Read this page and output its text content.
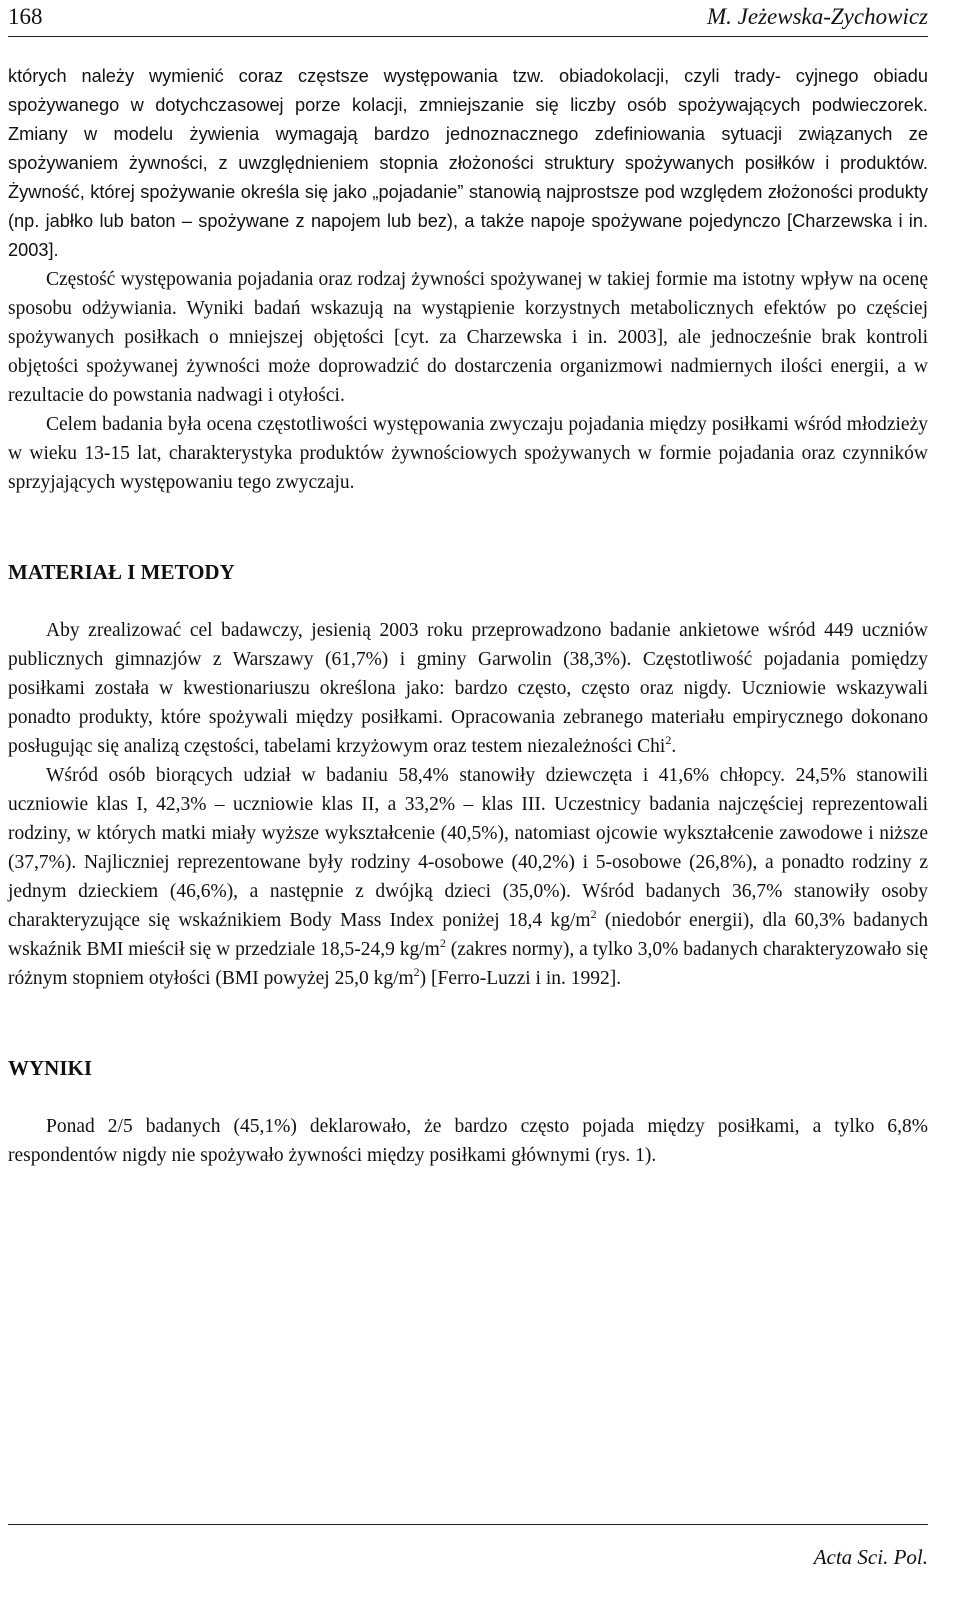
168	M. Jeżewska-Zychowicz

których należy wymienić coraz częstsze występowania tzw. obiadokolacji, czyli trady- cyjnego obiadu spożywanego w dotychczasowej porze kolacji, zmniejszanie się liczby osób spożywających podwieczorek. Zmiany w modelu żywienia wymagają bardzo jednoznacznego zdefiniowania sytuacji związanych ze spożywaniem żywności, z uwzględnieniem stopnia złożoności struktury spożywanych posiłków i produktów. Żywność, której spożywanie określa się jako „pojadanie” stanowią najprostsze pod względem złożoności produkty (np. jabłko lub baton – spożywane z napojem lub bez), a także napoje spożywane pojedynczo [Charzewska i in. 2003].

Częstość występowania pojadania oraz rodzaj żywności spożywanej w takiej formie ma istotny wpływ na ocenę sposobu odżywiania. Wyniki badań wskazują na wystąpienie korzystnych metabolicznych efektów po częściej spożywanych posiłkach o mniejszej objętości [cyt. za Charzewska i in. 2003], ale jednocześnie brak kontroli objętości spożywanej żywności może doprowadzić do dostarczenia organizmowi nadmiernych ilości energii, a w rezultacie do powstania nadwagi i otyłości.

Celem badania była ocena częstotliwości występowania zwyczaju pojadania między posiłkami wśród młodzieży w wieku 13-15 lat, charakterystyka produktów żywnościowych spożywanych w formie pojadania oraz czynników sprzyjających występowaniu tego zwyczaju.

MATERIAŁ I METODY

Aby zrealizować cel badawczy, jesienią 2003 roku przeprowadzono badanie ankietowe wśród 449 uczniów publicznych gimnazjów z Warszawy (61,7%) i gminy Garwolin (38,3%). Częstotliwość pojadania pomiędzy posiłkami została w kwestionariuszu określona jako: bardzo często, często oraz nigdy. Uczniowie wskazywali ponadto produkty, które spożywali między posiłkami. Opracowania zebranego materiału empirycznego dokonano posługując się analizą częstości, tabelami krzyżowym oraz testem niezależności Chi$^2$.

Wśród osób biorących udział w badaniu 58,4% stanowiły dziewczęta i 41,6% chłopcy. 24,5% stanowili uczniowie klas I, 42,3% – uczniowie klas II, a 33,2% – klas III. Uczestnicy badania najczęściej reprezentowali rodziny, w których matki miały wyższe wykształcenie (40,5%), natomiast ojcowie wykształcenie zawodowe i niższe (37,7%). Najliczniej reprezentowane były rodziny 4-osobowe (40,2%) i 5-osobowe (26,8%), a ponadto rodziny z jednym dzieckiem (46,6%), a następnie z dwójką dzieci (35,0%). Wśród badanych 36,7% stanowiły osoby charakteryzujące się wskaźnikiem Body Mass Index poniżej 18,4 $kg/m^2$ (niedobór energii), dla 60,3% badanych wskaźnik BMI mieścił się w przedziale 18,5-24,9 $kg/m^2$ (zakres normy), a tylko 3,0% badanych charakteryzowało się różnym stopniem otyłości (BMI powyżej 25,0 $kg/m^2$) [Ferro-Luzzi i in. 1992].

WYNIKI

Ponad 2/5 badanych (45,1%) deklarowało, że bardzo często pojada między posiłkami, a tylko 6,8% respondentów nigdy nie spożywało żywności między posiłkami głównymi (rys. 1).

Acta Sci. Pol.
